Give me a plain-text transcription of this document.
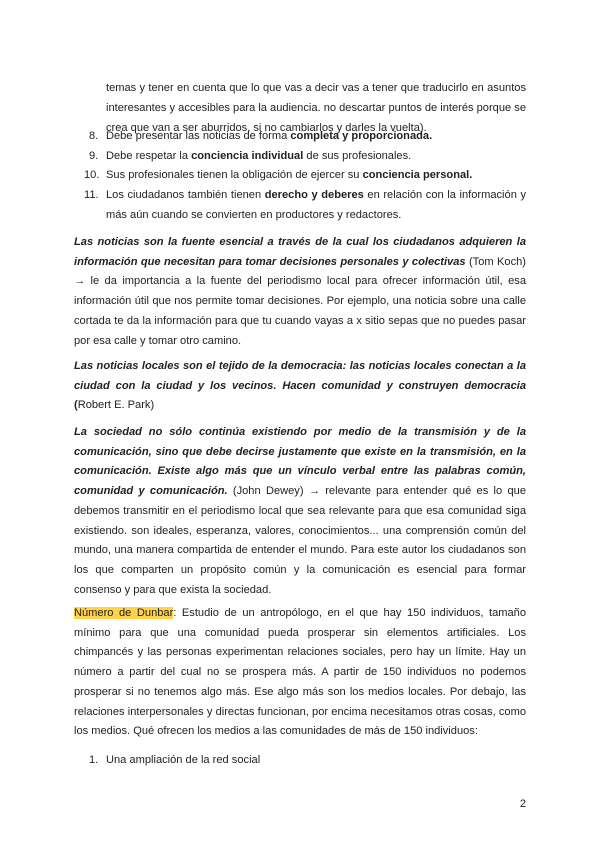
temas y tener en cuenta que lo que vas a decir vas a tener que traducirlo en asuntos interesantes y accesibles para la audiencia. no descartar puntos de interés porque se crea que van a ser aburridos, si no cambiarlos y darles la vuelta).

8. Debe presentar las noticias de forma completa y proporcionada.
9. Debe respetar la conciencia individual de sus profesionales.
10. Sus profesionales tienen la obligación de ejercer su conciencia personal.
11. Los ciudadanos también tienen derecho y deberes en relación con la información y más aún cuando se convierten en productores y redactores.

Las noticias son la fuente esencial a través de la cual los ciudadanos adquieren la información que necesitan para tomar decisiones personales y colectivas (Tom Koch) → le da importancia a la fuente del periodismo local para ofrecer información útil, esa información útil que nos permite tomar decisiones. Por ejemplo, una noticia sobre una calle cortada te da la información para que tu cuando vayas a x sitio sepas que no puedes pasar por esa calle y tomar otro camino.

Las noticias locales son el tejido de la democracia: las noticias locales conectan a la ciudad con la ciudad y los vecinos. Hacen comunidad y construyen democracia (Robert E. Park)

La sociedad no sólo continúa existiendo por medio de la transmisión y de la comunicación, sino que debe decirse justamente que existe en la transmisión, en la comunicación. Existe algo más que un vínculo verbal entre las palabras común, comunidad y comunicación. (John Dewey) → relevante para entender qué es lo que debemos transmitir en el periodismo local que sea relevante para que esa comunidad siga existiendo. son ideales, esperanza, valores, conocimientos... una comprensión común del mundo, una manera compartida de entender el mundo. Para este autor los ciudadanos son los que comparten un propósito común y la comunicación es esencial para formar consenso y para que exista la sociedad.

Número de Dunbar: Estudio de un antropólogo, en el que hay 150 individuos, tamaño mínimo para que una comunidad pueda prosperar sin elementos artificiales. Los chimpancés y las personas experimentan relaciones sociales, pero hay un límite. Hay un número a partir del cual no se prospera más. A partir de 150 individuos no podemos prosperar si no tenemos algo más. Ese algo más son los medios locales. Por debajo, las relaciones interpersonales y directas funcionan, por encima necesitamos otras cosas, como los medios. Qué ofrecen los medios a las comunidades de más de 150 individuos:

1. Una ampliación de la red social
2
